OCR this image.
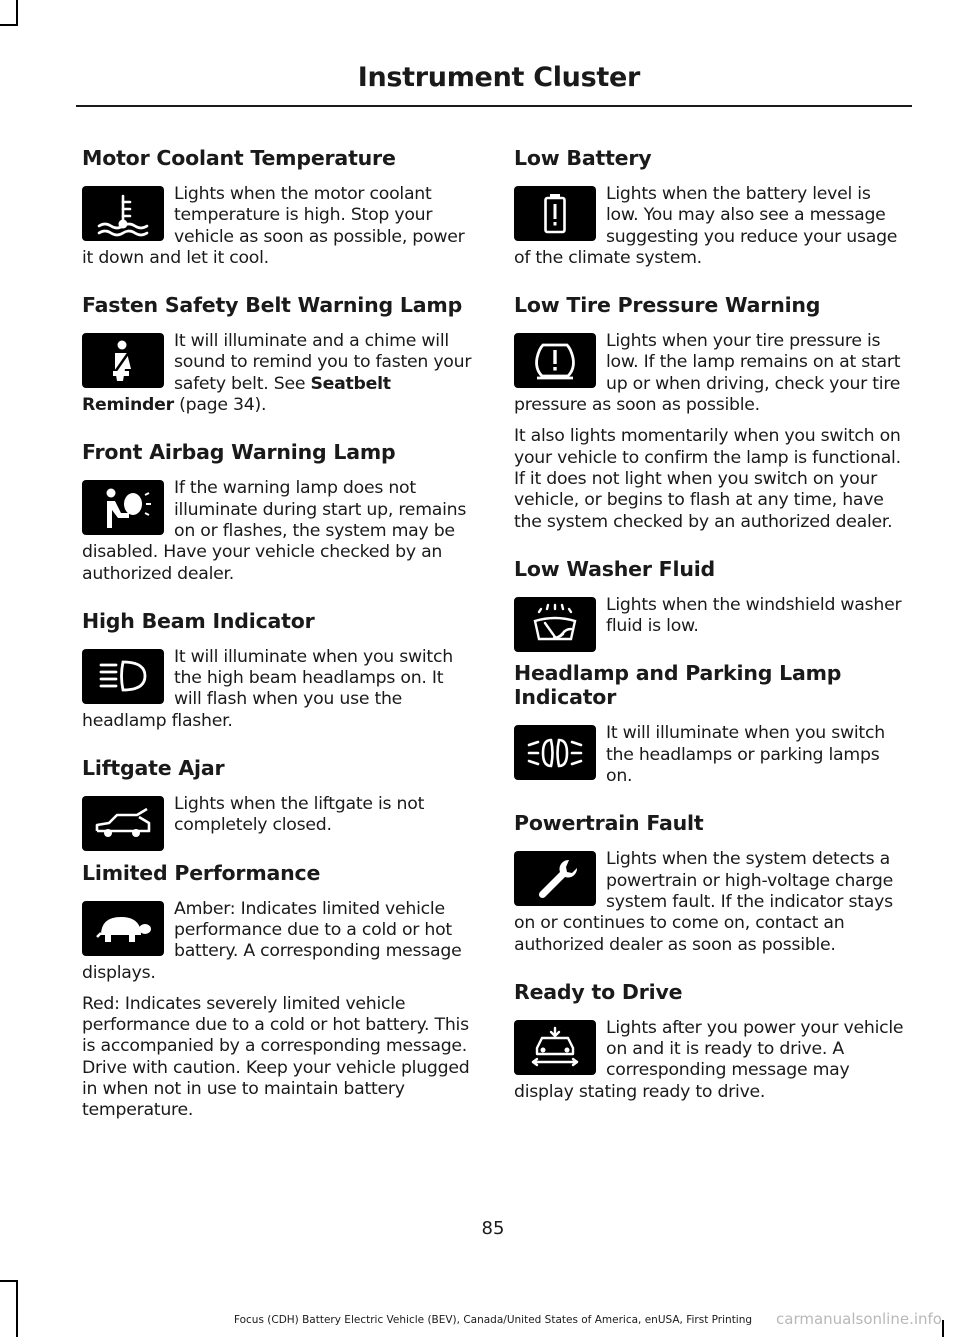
Instrument Cluster
Motor Coolant Temperature

Lights when the motor coolant temperature is high. Stop your vehicle as soon as possible, power it down and let it cool.

Fasten Safety Belt Warning Lamp

It will illuminate and a chime will sound to remind you to fasten your safety belt. See Seatbelt Reminder (page 34).

Front Airbag Warning Lamp

If the warning lamp does not illuminate during start up, remains on or flashes, the system may be disabled. Have your vehicle checked by an authorized dealer.

High Beam Indicator

It will illuminate when you switch the high beam headlamps on. It will flash when you use the headlamp flasher.

Liftgate Ajar

Lights when the liftgate is not completely closed.

Limited Performance

Amber: Indicates limited vehicle performance due to a cold or hot battery. A corresponding message displays.

Red: Indicates severely limited vehicle performance due to a cold or hot battery. This is accompanied by a corresponding message. Drive with caution. Keep your vehicle plugged in when not in use to maintain battery temperature.

Low Battery

Lights when the battery level is low. You may also see a message suggesting you reduce your usage of the climate system.

Low Tire Pressure Warning

Lights when your tire pressure is low. If the lamp remains on at start up or when driving, check your tire pressure as soon as possible.

It also lights momentarily when you switch on your vehicle to confirm the lamp is functional. If it does not light when you switch on your vehicle, or begins to flash at any time, have the system checked by an authorized dealer.

Low Washer Fluid

Lights when the windshield washer fluid is low.

Headlamp and Parking Lamp Indicator

It will illuminate when you switch the headlamps or parking lamps on.

Powertrain Fault

Lights when the system detects a powertrain or high-voltage charge system fault. If the indicator stays on or continues to come on, contact an authorized dealer as soon as possible.

Ready to Drive

Lights after you power your vehicle on and it is ready to drive. A corresponding message may display stating ready to drive.

85
Focus (CDH) Battery Electric Vehicle (BEV), Canada/United States of America, enUSA, First Printing	carmanualsonline.info
